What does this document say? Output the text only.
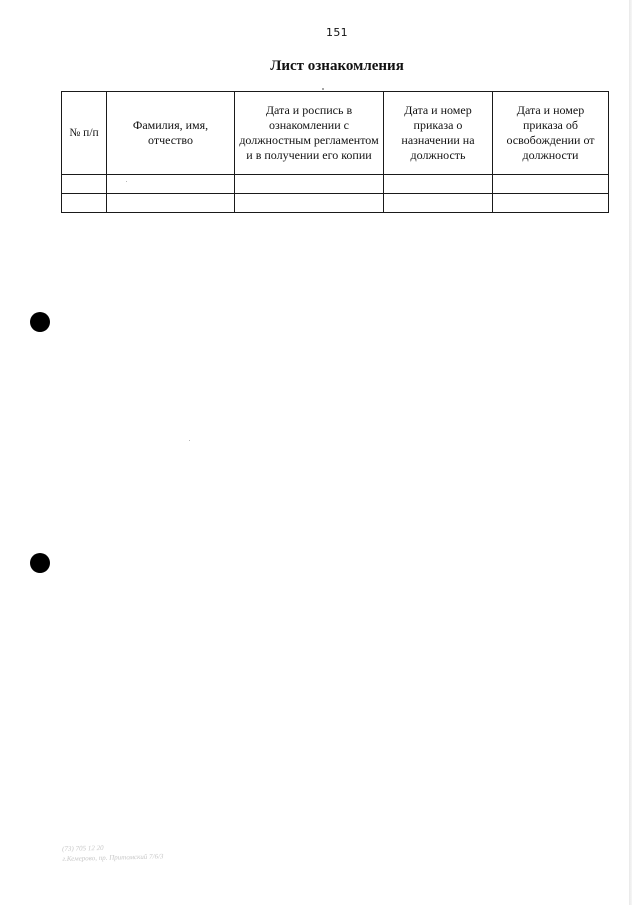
151
Лист ознакомления
№ п/п	Фамилия, имя, отчество	Дата и роспись в ознакомлении с должностным регламентом и в получении его копии	Дата и номер приказа о назначении на должность	Дата и номер приказа об освобождении от должности

(73) 705 12 20
г.Кемерово, пр. Притомский 7/6/3
